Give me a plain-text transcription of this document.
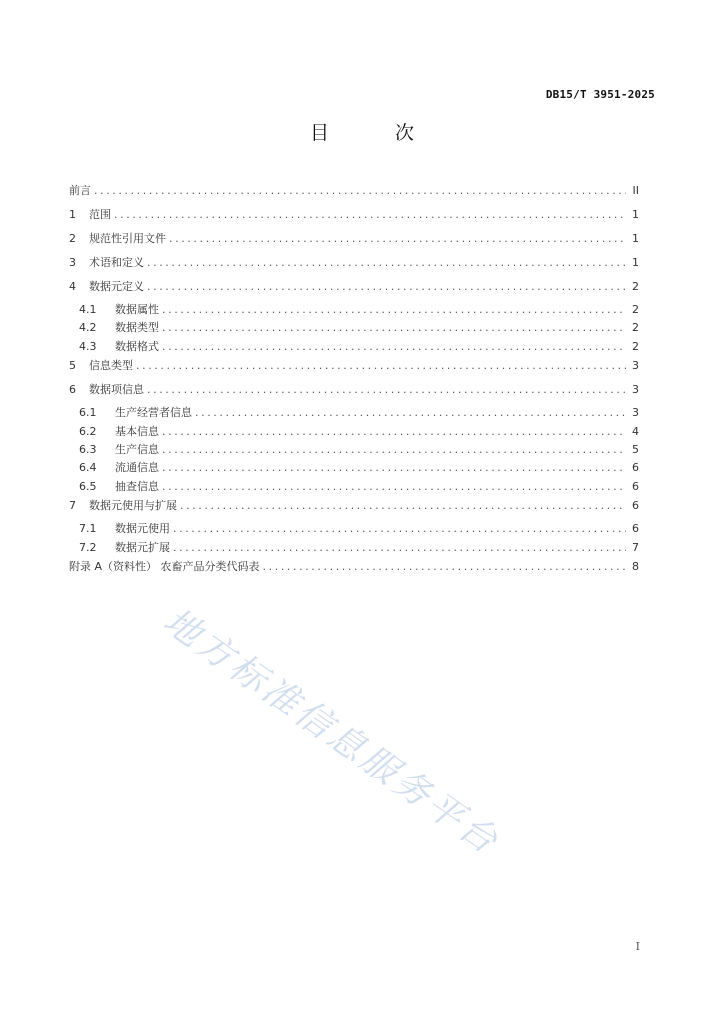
DB15/T 3951-2025
目 次
前言 .....	II
1 范围 .....	1
2 规范性引用文件 .....	1
3 术语和定义 .....	1
4 数据元定义 .....	2
4.1 数据属性 .....	2
4.2 数据类型 .....	2
4.3 数据格式 .....	2
5 信息类型 .....	3
6 数据项信息 .....	3
6.1 生产经营者信息 .....	3
6.2 基本信息 .....	4
6.3 生产信息 .....	5
6.4 流通信息 .....	6
6.5 抽查信息 .....	6
7 数据元使用与扩展 .....	6
7.1 数据元使用 .....	6
7.2 数据元扩展 .....	7
附录 A（资料性） 农畜产品分类代码表 .....	8
地方标准信息服务平台
I
